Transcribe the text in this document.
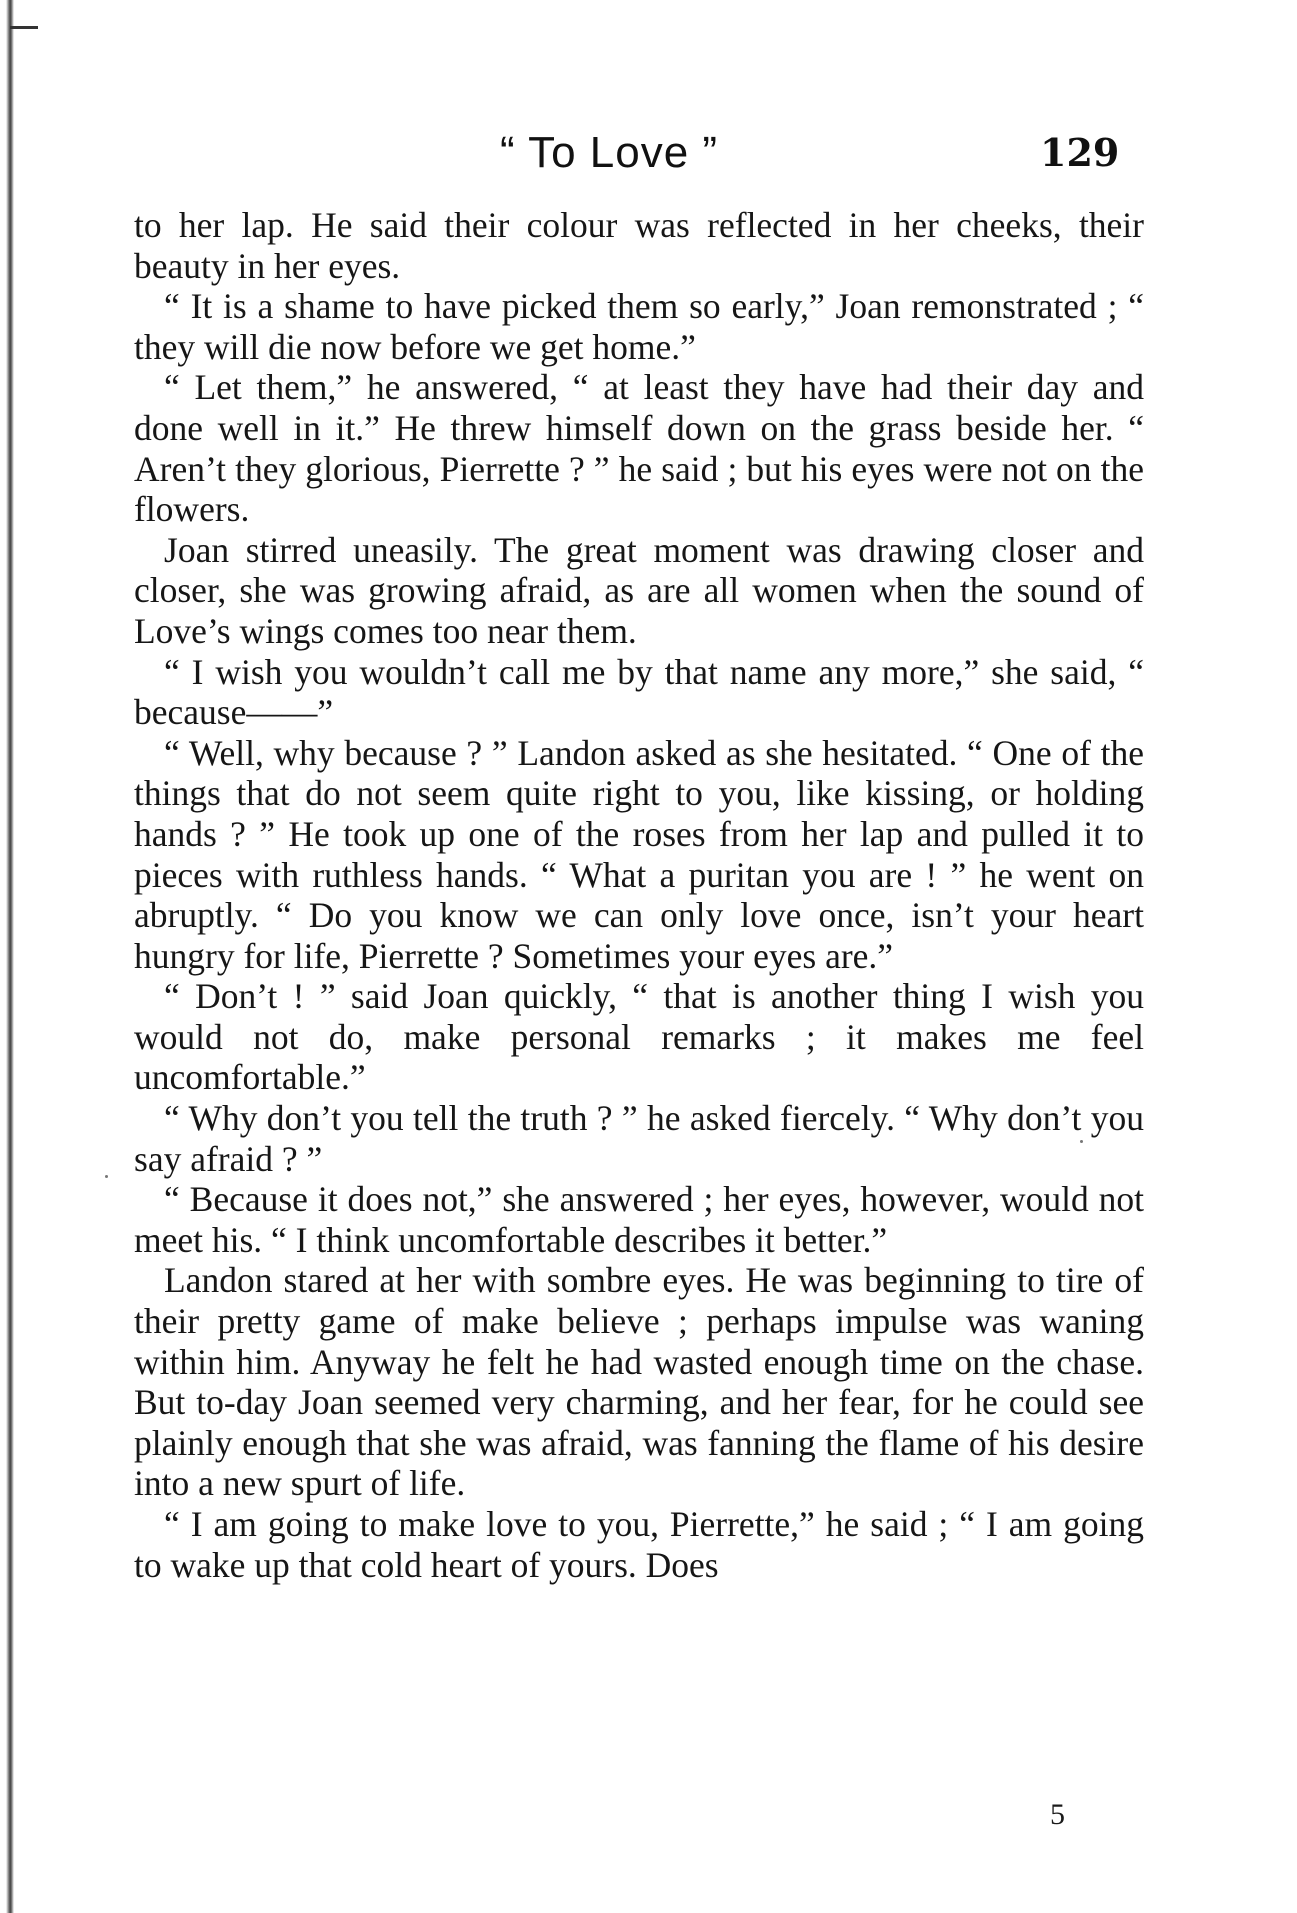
“ To Love ”	129

to her lap. He said their colour was reflected in her cheeks, their beauty in her eyes.

“ It is a shame to have picked them so early,” Joan remonstrated ; “ they will die now before we get home.”

“ Let them,” he answered, “ at least they have had their day and done well in it.” He threw himself down on the grass beside her. “ Aren’t they glorious, Pierrette ? ” he said ; but his eyes were not on the flowers.

Joan stirred uneasily. The great moment was drawing closer and closer, she was growing afraid, as are all women when the sound of Love’s wings comes too near them.

“ I wish you wouldn’t call me by that name any more,” she said, “ because——”

“ Well, why because ? ” Landon asked as she hesitated. “ One of the things that do not seem quite right to you, like kissing, or holding hands ? ” He took up one of the roses from her lap and pulled it to pieces with ruthless hands. “ What a puritan you are ! ” he went on abruptly. “ Do you know we can only love once, isn’t your heart hungry for life, Pierrette ? Sometimes your eyes are.”

“ Don’t ! ” said Joan quickly, “ that is another thing I wish you would not do, make personal remarks ; it makes me feel uncomfortable.”

“ Why don’t you tell the truth ? ” he asked fiercely. “ Why don’t you say afraid ? ”

“ Because it does not,” she answered ; her eyes, however, would not meet his. “ I think uncomfortable describes it better.”

Landon stared at her with sombre eyes. He was beginning to tire of their pretty game of make believe ; perhaps impulse was waning within him. Anyway he felt he had wasted enough time on the chase. But to-day Joan seemed very charming, and her fear, for he could see plainly enough that she was afraid, was fanning the flame of his desire into a new spurt of life.

“ I am going to make love to you, Pierrette,” he said ; “ I am going to wake up that cold heart of yours. Does

5
